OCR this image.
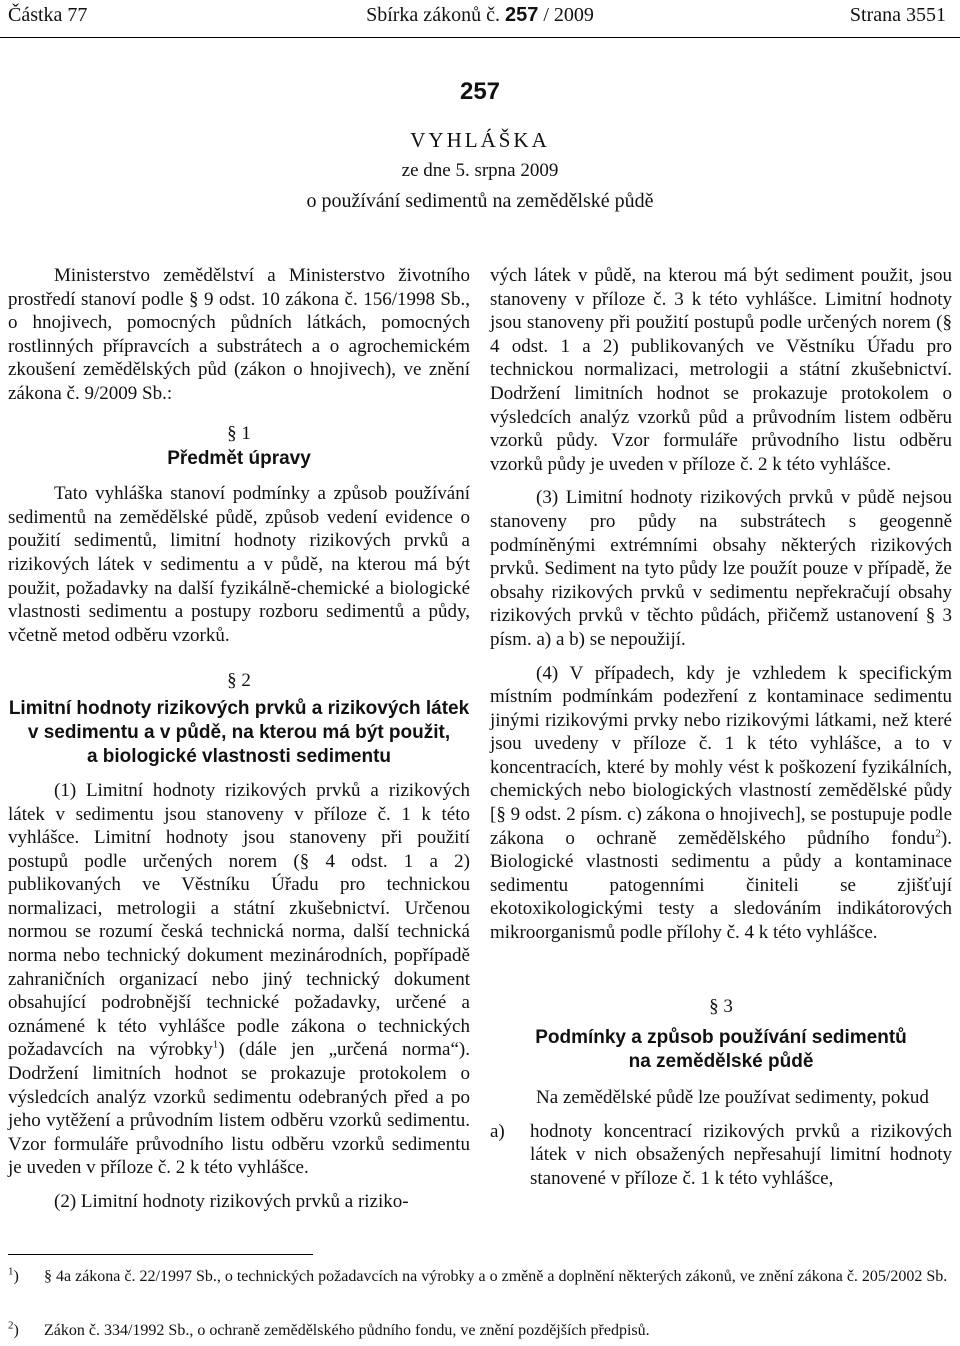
Částka 77	Sbírka zákonů č. 257 / 2009	Strana 3551
257
VYHLÁŠKA
ze dne 5. srpna 2009
o používání sedimentů na zemědělské půdě

Ministerstvo zemědělství a Ministerstvo životního prostředí stanoví podle § 9 odst. 10 zákona č. 156/1998 Sb., o hnojivech, pomocných půdních látkách, pomocných rostlinných přípravcích a substrátech a o agrochemickém zkoušení zemědělských půd (zákon o hnojivech), ve znění zákona č. 9/2009 Sb.:

§ 1
Předmět úpravy

Tato vyhláška stanoví podmínky a způsob používání sedimentů na zemědělské půdě, způsob vedení evidence o použití sedimentů, limitní hodnoty rizikových prvků a rizikových látek v sedimentu a v půdě, na kterou má být použit, požadavky na další fyzikálně-chemické a biologické vlastnosti sedimentu a postupy rozboru sedimentů a půdy, včetně metod odběru vzorků.

§ 2
Limitní hodnoty rizikových prvků a rizikových látek
v sedimentu a v půdě, na kterou má být použit,
a biologické vlastnosti sedimentu

(1) Limitní hodnoty rizikových prvků a rizikových látek v sedimentu jsou stanoveny v příloze č. 1 k této vyhlášce. Limitní hodnoty jsou stanoveny při použití postupů podle určených norem (§ 4 odst. 1 a 2) publikovaných ve Věstníku Úřadu pro technickou normalizaci, metrologii a státní zkušebnictví. Určenou normou se rozumí česká technická norma, další technická norma nebo technický dokument mezinárodních, popřípadě zahraničních organizací nebo jiný technický dokument obsahující podrobnější technické požadavky, určené a oznámené k této vyhlášce podle zákona o technických požadavcích na výrobky$^1$) (dále jen „určená norma“). Dodržení limitních hodnot se prokazuje protokolem o výsledcích analýz vzorků sedimentu odebraných před a po jeho vytěžení a průvodním listem odběru vzorků sedimentu. Vzor formuláře průvodního listu odběru vzorků sedimentu je uveden v příloze č. 2 k této vyhlášce.

(2) Limitní hodnoty rizikových prvků a riziko-

vých látek v půdě, na kterou má být sediment použit, jsou stanoveny v příloze č. 3 k této vyhlášce. Limitní hodnoty jsou stanoveny při použití postupů podle určených norem (§ 4 odst. 1 a 2) publikovaných ve Věstníku Úřadu pro technickou normalizaci, metrologii a státní zkušebnictví. Dodržení limitních hodnot se prokazuje protokolem o výsledcích analýz vzorků půd a průvodním listem odběru vzorků půdy. Vzor formuláře průvodního listu odběru vzorků půdy je uveden v příloze č. 2 k této vyhlášce.

(3) Limitní hodnoty rizikových prvků v půdě nejsou stanoveny pro půdy na substrátech s geogenně podmíněnými extrémními obsahy některých rizikových prvků. Sediment na tyto půdy lze použít pouze v případě, že obsahy rizikových prvků v sedimentu nepřekračují obsahy rizikových prvků v těchto půdách, přičemž ustanovení § 3 písm. a) a b) se nepoužijí.

(4) V případech, kdy je vzhledem k specifickým místním podmínkám podezření z kontaminace sedimentu jinými rizikovými prvky nebo rizikovými látkami, než které jsou uvedeny v příloze č. 1 k této vyhlášce, a to v koncentracích, které by mohly vést k poškození fyzikálních, chemických nebo biologických vlastností zemědělské půdy [§ 9 odst. 2 písm. c) zákona o hnojivech], se postupuje podle zákona o ochraně zemědělského půdního fondu$^2$). Biologické vlastnosti sedimentu a půdy a kontaminace sedimentu patogenními činiteli se zjišťují ekotoxikologickými testy a sledováním indikátorových mikroorganismů podle přílohy č. 4 k této vyhlášce.

§ 3
Podmínky a způsob používání sedimentů
na zemědělské půdě

Na zemědělské půdě lze používat sedimenty, pokud

a)	hodnoty koncentrací rizikových prvků a rizikových látek v nich obsažených nepřesahují limitní hodnoty stanovené v příloze č. 1 k této vyhlášce,
$^1$) § 4a zákona č. 22/1997 Sb., o technických požadavcích na výrobky a o změně a doplnění některých zákonů, ve znění zákona č. 205/2002 Sb.
$^2$) Zákon č. 334/1992 Sb., o ochraně zemědělského půdního fondu, ve znění pozdějších předpisů.
